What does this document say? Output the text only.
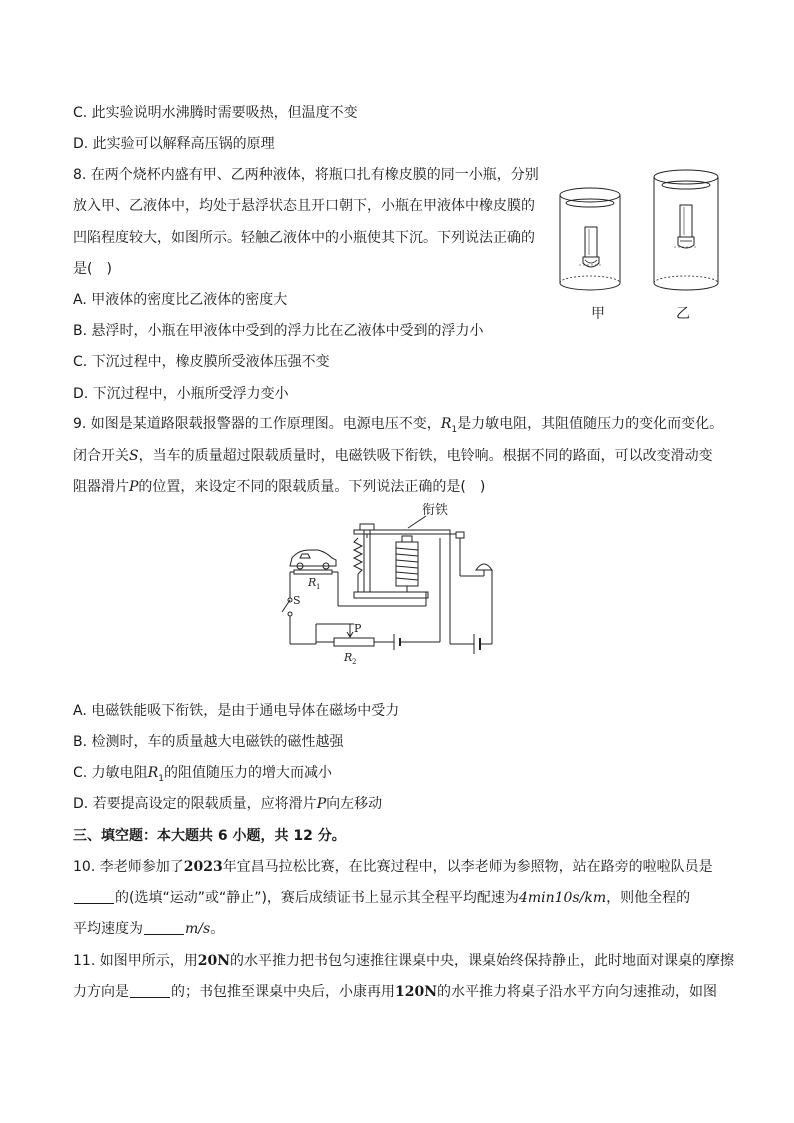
C. 此实验说明水沸腾时需要吸热，但温度不变
D. 此实验可以解释高压锅的原理
8. 在两个烧杯内盛有甲、乙两种液体，将瓶口扎有橡皮膜的同一小瓶，分别
放入甲、乙液体中，均处于悬浮状态且开口朝下，小瓶在甲液体中橡皮膜的
凹陷程度较大，如图所示。轻触乙液体中的小瓶使其下沉。下列说法正确的
是(　)
A. 甲液体的密度比乙液体的密度大
B. 悬浮时，小瓶在甲液体中受到的浮力比在乙液体中受到的浮力小
C. 下沉过程中，橡皮膜所受液体压强不变
D. 下沉过程中，小瓶所受浮力变小
甲	乙
9. 如图是某道路限载报警器的工作原理图。电源电压不变，$R_1$是力敏电阻，其阻值随压力的变化而变化。
闭合开关S，当车的质量超过限载质量时，电磁铁吸下衔铁，电铃响。根据不同的路面，可以改变滑动变
阻器滑片P的位置，来设定不同的限载质量。下列说法正确的是(　)
衔铁
R 1
S
P
R 2
A. 电磁铁能吸下衔铁，是由于通电导体在磁场中受力
B. 检测时，车的质量越大电磁铁的磁性越强
C. 力敏电阻$R_1$的阻值随压力的增大而减小
D. 若要提高设定的限载质量，应将滑片P向左移动
三、填空题：本大题共 6 小题，共 12 分。
10. 李老师参加了2023年宜昌马拉松比赛，在比赛过程中，以李老师为参照物，站在路旁的啦啦队员是
的(选填“运动”或“静止”)，赛后成绩证书上显示其全程平均配速为4min10s/km，则他全程的
平均速度为	m/s。
11. 如图甲所示，用20N的水平推力把书包匀速推往课桌中央，课桌始终保持静止，此时地面对课桌的摩擦
力方向是	的；书包推至课桌中央后，小康再用120N的水平推力将桌子沿水平方向匀速推动，如图
